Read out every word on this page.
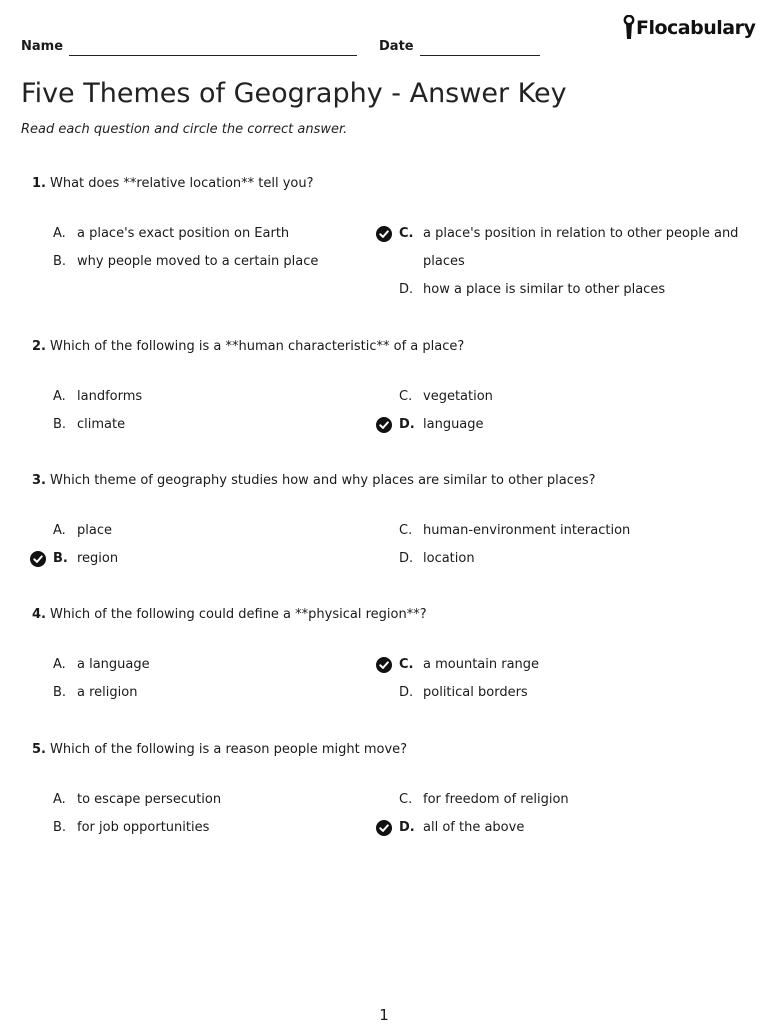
Name	Date
Flocabulary
Five Themes of Geography - Answer Key

Read each question and circle the correct answer.

1. What does **relative location** tell you?
A. a place's exact position on Earth
B. why people moved to a certain place
C. a place's position in relation to other people and places
D. how a place is similar to other places
2. Which of the following is a **human characteristic** of a place?
A. landforms
B. climate
C. vegetation
D. language
3. Which theme of geography studies how and why places are similar to other places?
A. place
B. region
C. human-environment interaction
D. location
4. Which of the following could define a **physical region**?
A. a language
B. a religion
C. a mountain range
D. political borders
5. Which of the following is a reason people might move?
A. to escape persecution
B. for job opportunities
C. for freedom of religion
D. all of the above
1
